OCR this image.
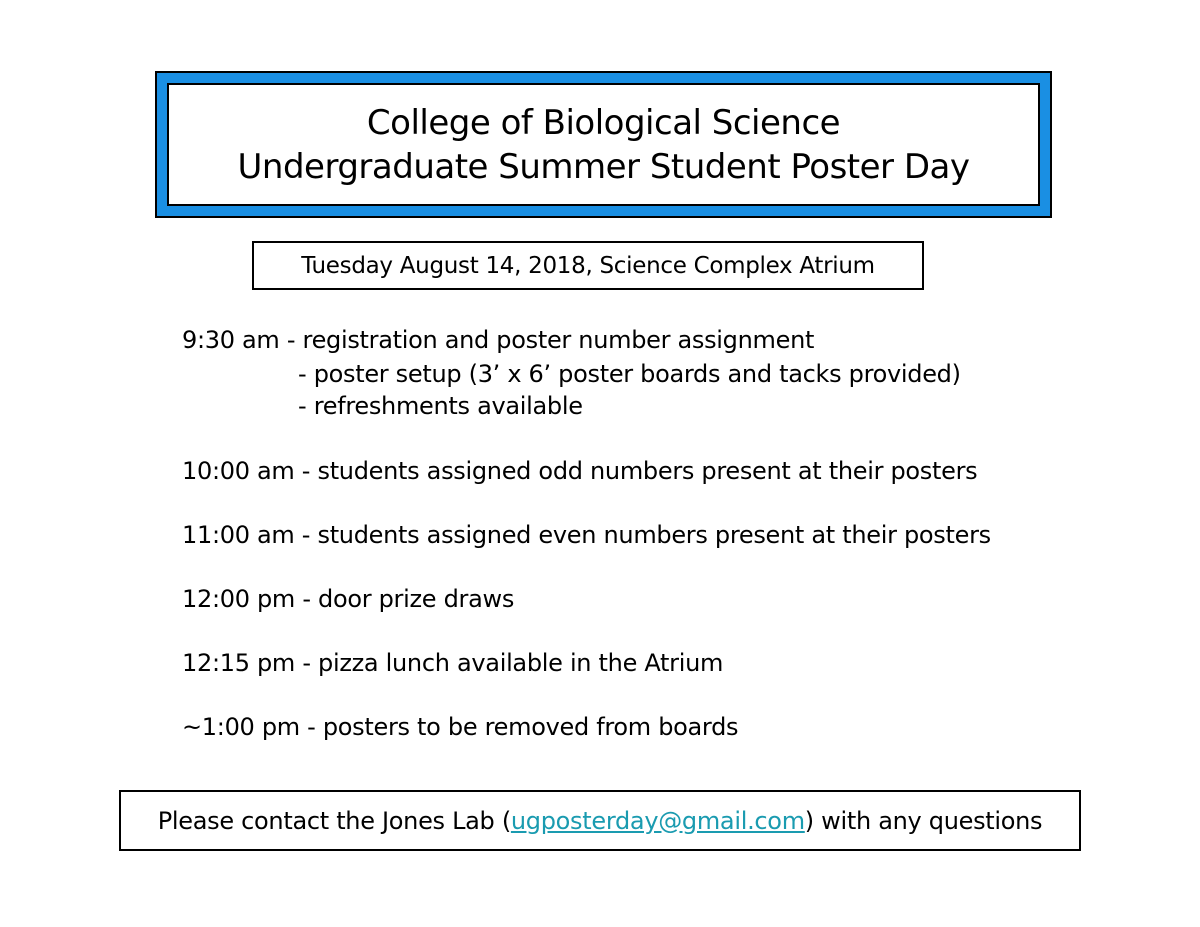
College of Biological Science
Undergraduate Summer Student Poster Day
Tuesday August 14, 2018, Science Complex Atrium
9:30 am - registration and poster number assignment
- poster setup (3’ x 6’ poster boards and tacks provided)
- refreshments available
10:00 am - students assigned odd numbers present at their posters
11:00 am - students assigned even numbers present at their posters
12:00 pm - door prize draws
12:15 pm - pizza lunch available in the Atrium
~1:00 pm - posters to be removed from boards
Please contact the Jones Lab ( ugposterday@gmail.com ) with any questions
